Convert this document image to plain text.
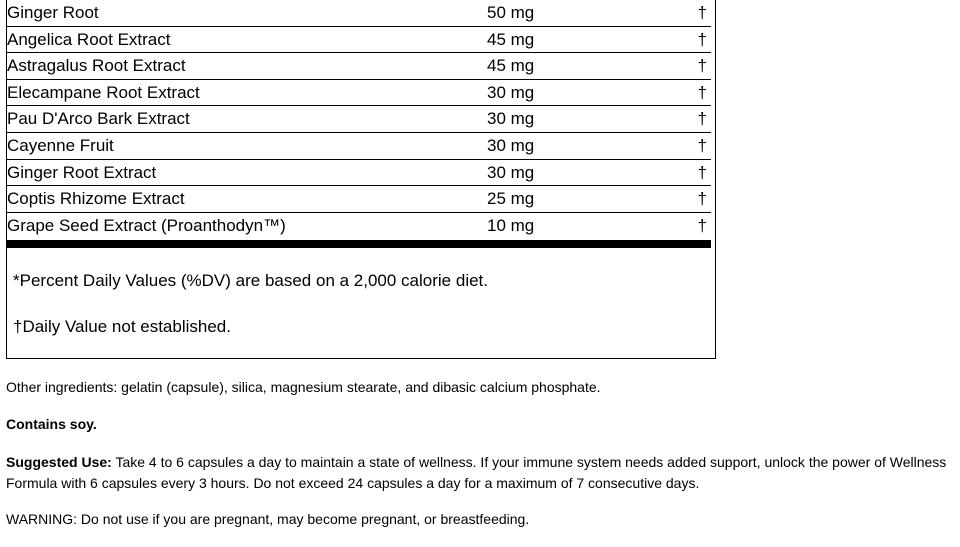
Ginger Root	50 mg	†
Angelica Root Extract	45 mg	†
Astragalus Root Extract	45 mg	†
Elecampane Root Extract	30 mg	†
Pau D'Arco Bark Extract	30 mg	†
Cayenne Fruit	30 mg	†
Ginger Root Extract	30 mg	†
Coptis Rhizome Extract	25 mg	†
Grape Seed Extract (Proanthodyn™)	10 mg	†
*Percent Daily Values (%DV) are based on a 2,000 calorie diet.
†Daily Value not established.
Other ingredients: gelatin (capsule), silica, magnesium stearate, and dibasic calcium phosphate.
Contains soy.
Suggested Use: Take 4 to 6 capsules a day to maintain a state of wellness. If your immune system needs added support, unlock the power of Wellness Formula with 6 capsules every 3 hours. Do not exceed 24 capsules a day for a maximum of 7 consecutive days.
WARNING: Do not use if you are pregnant, may become pregnant, or breastfeeding.
